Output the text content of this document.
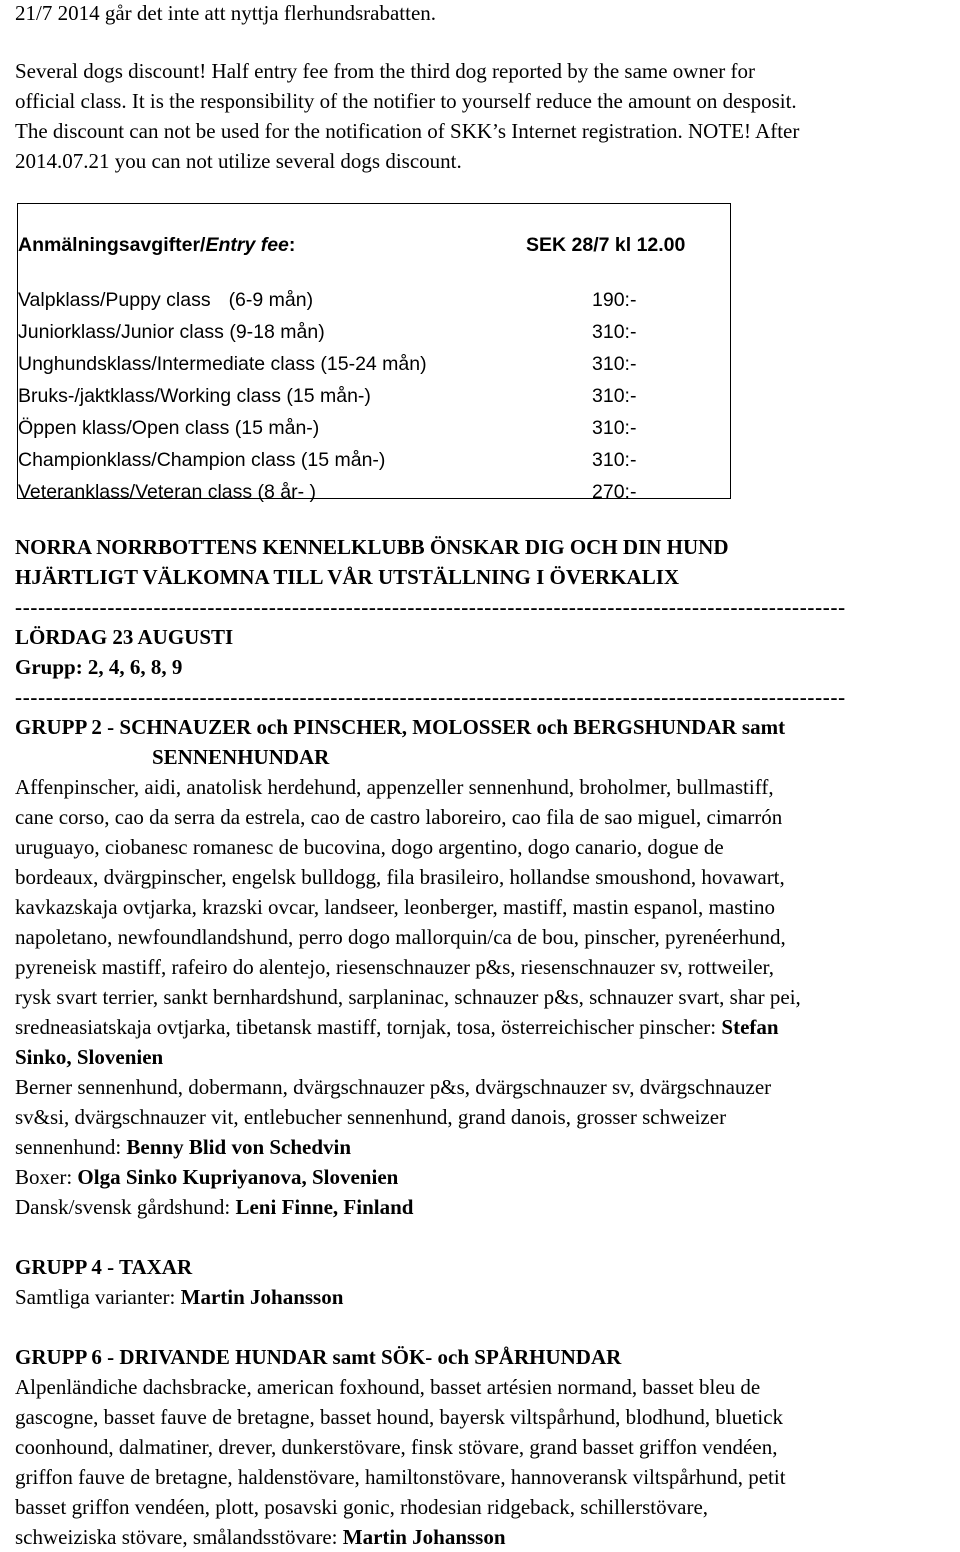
21/7 2014 går det inte att nyttja flerhundsrabatten.

Several dogs discount! Half entry fee from the third dog reported by the same owner for

official class. It is the responsibility of the notifier to yourself reduce the amount on desposit.

The discount can not be used for the notification of SKK’s Internet registration. NOTE! After

2014.07.21 you can not utilize several dogs discount.

Anmälningsavgifter/Entry fee:	SEK 28/7 kl 12.00
Valpklass/Puppy class (6-9 mån)	190:-
Juniorklass/Junior class (9-18 mån)	310:-
Unghundsklass/Intermediate class (15-24 mån)	310:-
Bruks-/jaktklass/Working class (15 mån-)	310:-
Öppen klass/Open class (15 mån-)	310:-
Championklass/Champion class (15 mån-)	310:-
Veteranklass/Veteran class (8 år- )	270:-

NORRA NORRBOTTENS KENNELKLUBB ÖNSKAR DIG OCH DIN HUND

HJÄRTLIGT VÄLKOMNA TILL VÅR UTSTÄLLNING I ÖVERKALIX

------------------------------------------------------------------------------------------------------------

LÖRDAG 23 AUGUSTI

Grupp: 2, 4, 6, 8, 9

------------------------------------------------------------------------------------------------------------

GRUPP 2 - SCHNAUZER och PINSCHER, MOLOSSER och BERGSHUNDAR samt

SENNENHUNDAR

Affenpinscher, aidi, anatolisk herdehund, appenzeller sennenhund, broholmer, bullmastiff,

cane corso, cao da serra da estrela, cao de castro laboreiro, cao fila de sao miguel, cimarrón

uruguayo, ciobanesc romanesc de bucovina, dogo argentino, dogo canario, dogue de

bordeaux, dvärgpinscher, engelsk bulldogg, fila brasileiro, hollandse smoushond, hovawart,

kavkazskaja ovtjarka, krazski ovcar, landseer, leonberger, mastiff, mastin espanol, mastino

napoletano, newfoundlandshund, perro dogo mallorquin/ca de bou, pinscher, pyrenéerhund,

pyreneisk mastiff, rafeiro do alentejo, riesenschnauzer p&s, riesenschnauzer sv, rottweiler,

rysk svart terrier, sankt bernhardshund, sarplaninac, schnauzer p&s, schnauzer svart, shar pei,

sredneasiatskaja ovtjarka, tibetansk mastiff, tornjak, tosa, österreichischer pinscher: Stefan

Sinko, Slovenien

Berner sennenhund, dobermann, dvärgschnauzer p&s, dvärgschnauzer sv, dvärgschnauzer

sv&si, dvärgschnauzer vit, entlebucher sennenhund, grand danois, grosser schweizer

sennenhund: Benny Blid von Schedvin

Boxer: Olga Sinko Kupriyanova, Slovenien

Dansk/svensk gårdshund: Leni Finne, Finland

GRUPP 4 - TAXAR

Samtliga varianter: Martin Johansson

GRUPP 6 - DRIVANDE HUNDAR samt SÖK- och SPÅRHUNDAR

Alpenländiche dachsbracke, american foxhound, basset artésien normand, basset bleu de

gascogne, basset fauve de bretagne, basset hound, bayersk viltspårhund, blodhund, bluetick

coonhound, dalmatiner, drever, dunkerstövare, finsk stövare, grand basset griffon vendéen,

griffon fauve de bretagne, haldenstövare, hamiltonstövare, hannoveransk viltspårhund, petit

basset griffon vendéen, plott, posavski gonic, rhodesian ridgeback, schillerstövare,

schweiziska stövare, smålandsstövare: Martin Johansson
